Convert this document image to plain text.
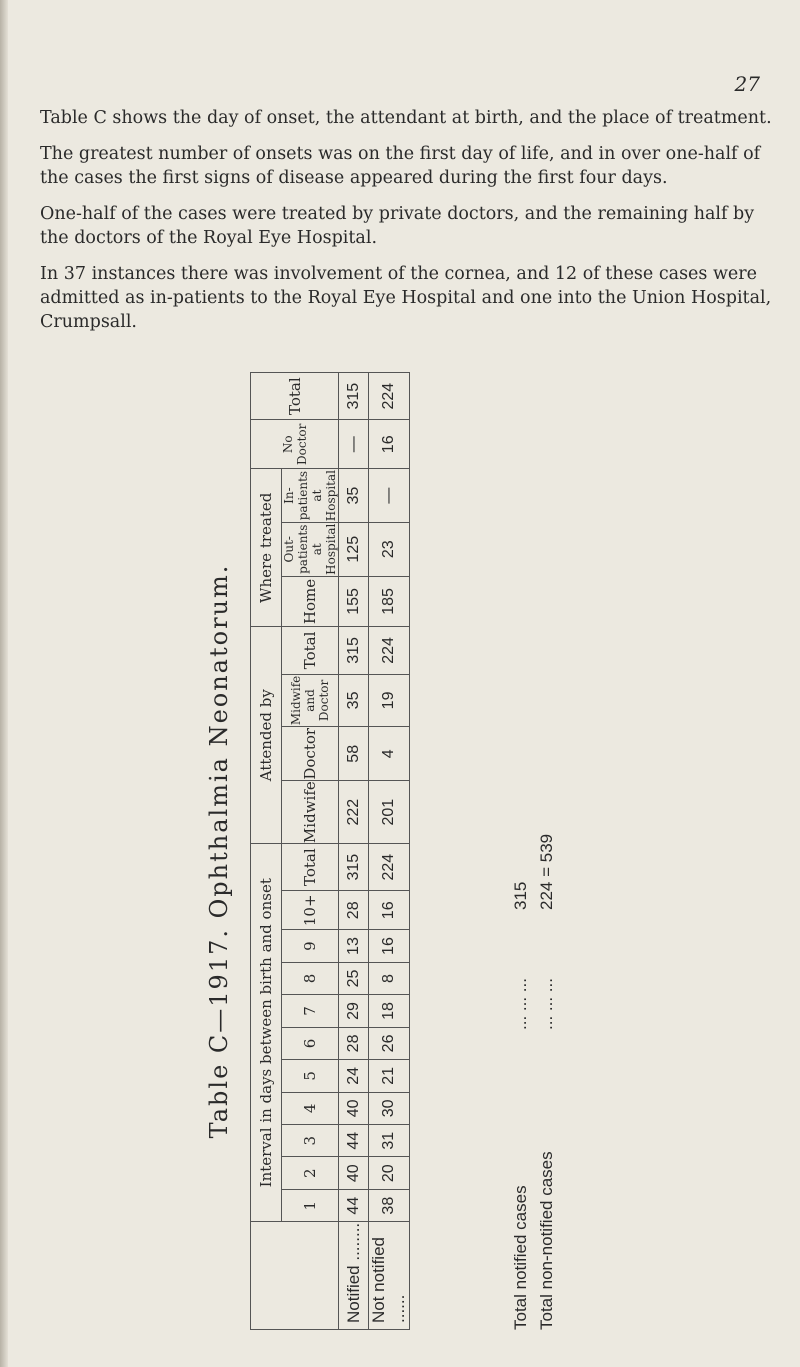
27

Table C shows the day of onset, the attendant at birth, and the place of treatment.

The greatest number of onsets was on the first day of life, and in over one-half of the cases the first signs of disease appeared during the first four days.

One-half of the cases were treated by private doctors, and the remaining half by the doctors of the Royal Eye Hospital.

In 37 instances there was involvement of the cornea, and 12 of these cases were admitted as in-patients to the Royal Eye Hospital and one into the Union Hospital, Crumpsall.

Table C—1917. Ophthalmia Neonatorum.
		Interval in days between birth and onset											Attended by				Where treated			No Doctor	Total
	1	2	3	4	5	6	7	8	9	10+	Total	Midwife	Doctor	Midwife and Doctor	Total	Home	Out-patients at Hospital	In-patients at Hospital		
Notified ........	44	40	44	40	24	28	29	25	13	28	315	222	58	35	315	155	125	35	—	315
Not notified ......	38	20	31	30	21	26	18	8	16	16	224	201	4	19	224	185	23	—	16	224
Total notified cases
... ... ...
315
Total non-notified cases
... ... ...
224 = 539
